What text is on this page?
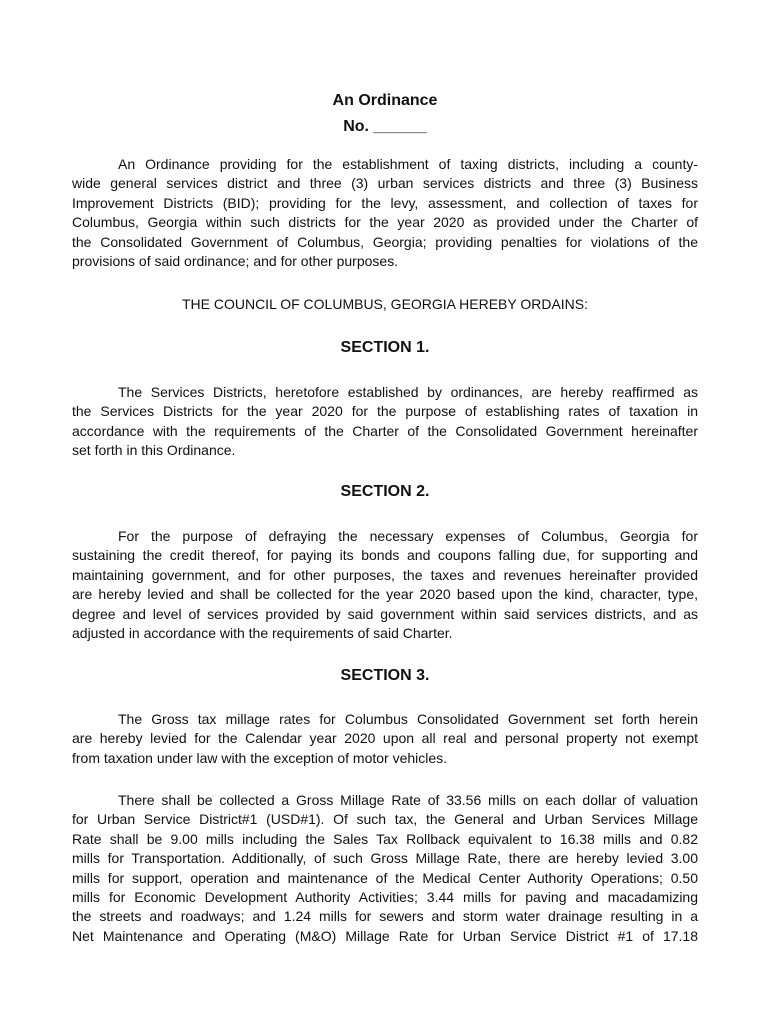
An Ordinance
No. ______
An Ordinance providing for the establishment of taxing districts, including a county-
wide general services district and three (3) urban services districts and three (3) Business
Improvement Districts (BID); providing for the levy, assessment, and collection of taxes for
Columbus, Georgia within such districts for the year 2020 as provided under the Charter of
the Consolidated Government of Columbus, Georgia; providing penalties for violations of the
provisions of said ordinance; and for other purposes.

THE COUNCIL OF COLUMBUS, GEORGIA HEREBY ORDAINS:

SECTION 1.
The Services Districts, heretofore established by ordinances, are hereby reaffirmed as
the Services Districts for the year 2020 for the purpose of establishing rates of taxation in
accordance with the requirements of the Charter of the Consolidated Government hereinafter
set forth in this Ordinance.
SECTION 2.
For the purpose of defraying the necessary expenses of Columbus, Georgia for
sustaining the credit thereof, for paying its bonds and coupons falling due, for supporting and
maintaining government, and for other purposes, the taxes and revenues hereinafter provided
are hereby levied and shall be collected for the year 2020 based upon the kind, character, type,
degree and level of services provided by said government within said services districts, and as
adjusted in accordance with the requirements of said Charter.
SECTION 3.
The Gross tax millage rates for Columbus Consolidated Government set forth herein
are hereby levied for the Calendar year 2020 upon all real and personal property not exempt
from taxation under law with the exception of motor vehicles.
There shall be collected a Gross Millage Rate of 33.56 mills on each dollar of valuation
for Urban Service District#1 (USD#1). Of such tax, the General and Urban Services Millage
Rate shall be 9.00 mills including the Sales Tax Rollback equivalent to 16.38 mills and 0.82
mills for Transportation. Additionally, of such Gross Millage Rate, there are hereby levied 3.00
mills for support, operation and maintenance of the Medical Center Authority Operations; 0.50
mills for Economic Development Authority Activities; 3.44 mills for paving and macadamizing
the streets and roadways; and 1.24 mills for sewers and storm water drainage resulting in a
Net Maintenance and Operating (M&O) Millage Rate for Urban Service District #1 of 17.18
